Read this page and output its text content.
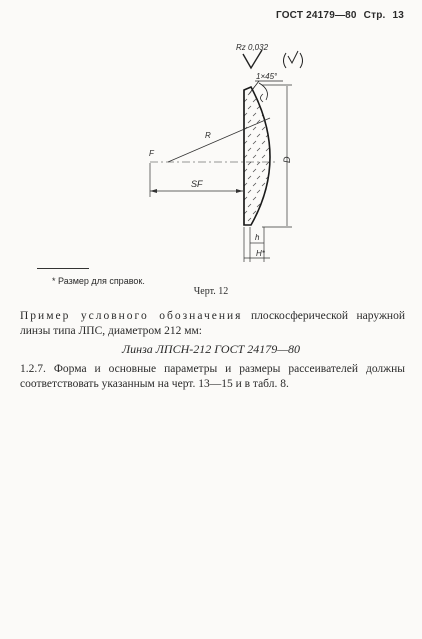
ГОСТ 24179—80 Стр. 13
Rz 0,032
1×45°
D
R
F
SF
h
H*
* Размер для справок.
Черт. 12
Пример условного обозначения плоскосферической наружной линзы типа ЛПС, диаметром 212 мм:
Линза ЛПСН-212 ГОСТ 24179—80
1.2.7. Форма и основные параметры и размеры рассеивателей должны соответствовать указанным на черт. 13—15 и в табл. 8.
